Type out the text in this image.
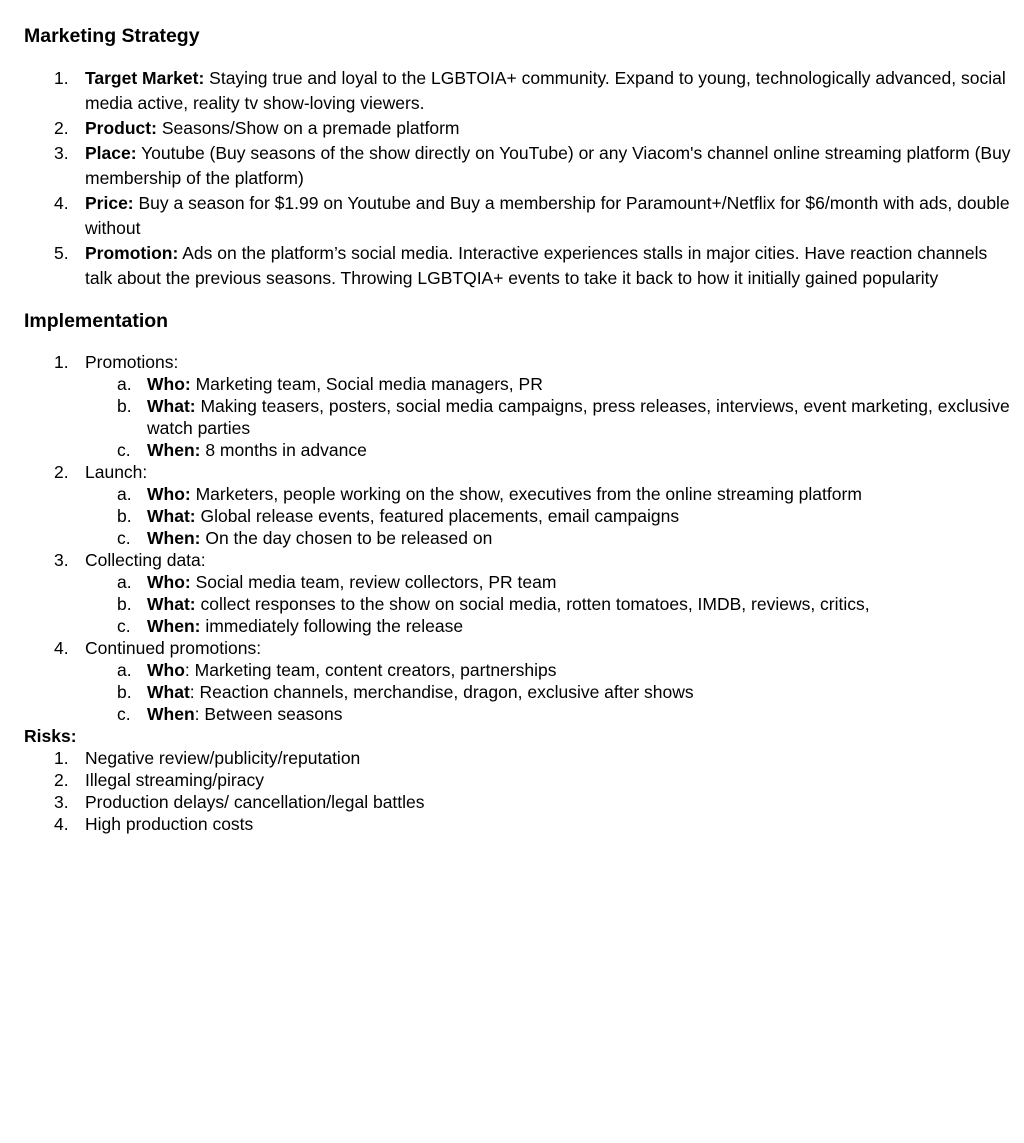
Marketing Strategy
1. Target Market: Staying true and loyal to the LGBTOIA+ community. Expand to young, technologically advanced, social media active, reality tv show-loving viewers.
2. Product: Seasons/Show on a premade platform
3. Place: Youtube (Buy seasons of the show directly on YouTube) or any Viacom's channel online streaming platform (Buy membership of the platform)
4. Price: Buy a season for $1.99 on Youtube and Buy a membership for Paramount+/Netflix for $6/month with ads, double without
5. Promotion: Ads on the platform’s social media. Interactive experiences stalls in major cities. Have reaction channels talk about the previous seasons. Throwing LGBTQIA+ events to take it back to how it initially gained popularity
Implementation
1. Promotions:
a. Who: Marketing team, Social media managers, PR
b. What: Making teasers, posters, social media campaigns, press releases, interviews, event marketing, exclusive watch parties
c. When: 8 months in advance
2. Launch:
a. Who: Marketers, people working on the show, executives from the online streaming platform
b. What: Global release events, featured placements, email campaigns
c. When: On the day chosen to be released on
3. Collecting data:
a. Who: Social media team, review collectors, PR team
b. What: collect responses to the show on social media, rotten tomatoes, IMDB, reviews, critics,
c. When: immediately following the release
4. Continued promotions:
a. Who: Marketing team, content creators, partnerships
b. What: Reaction channels, merchandise, dragon, exclusive after shows
c. When: Between seasons
Risks:
1. Negative review/publicity/reputation
2. Illegal streaming/piracy
3. Production delays/ cancellation/legal battles
4. High production costs
